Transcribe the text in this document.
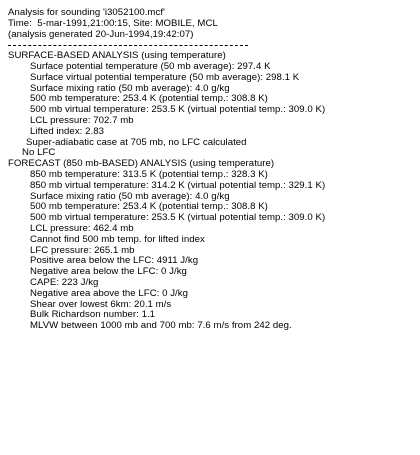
Analysis for sounding 'i3052100.mcf'
Time:  5-mar-1991,21:00:15, Site: MOBILE, MCL
(analysis generated 20-Jun-1994,19:42:07)
SURFACE-BASED ANALYSIS (using temperature)
Surface potential temperature (50 mb average): 297.4 K
Surface virtual potential temperature (50 mb average): 298.1 K
Surface mixing ratio (50 mb average): 4.0 g/kg
500 mb temperature: 253.4 K (potential temp.: 308.8 K)
500 mb virtual temperature: 253.5 K (virtual potential temp.: 309.0 K)
LCL pressure: 702.7 mb
Lifted index: 2.83
Super-adiabatic case at 705 mb, no LFC calculated
No LFC
FORECAST (850 mb-BASED) ANALYSIS (using temperature)
850 mb temperature: 313.5 K (potential temp.: 328.3 K)
850 mb virtual temperature: 314.2 K (virtual potential temp.: 329.1 K)
Surface mixing ratio (50 mb average): 4.0 g/kg
500 mb temperature: 253.4 K (potential temp.: 308.8 K)
500 mb virtual temperature: 253.5 K (virtual potential temp.: 309.0 K)
LCL pressure: 462.4 mb
Cannot find 500 mb temp. for lifted index
LFC pressure: 265.1 mb
Positive area below the LFC: 4911 J/kg
Negative area below the LFC: 0 J/kg
CAPE: 223 J/kg
Negative area above the LFC: 0 J/kg
Shear over lowest 6km: 20.1 m/s
Bulk Richardson number: 1.1
MLVW between 1000 mb and 700 mb: 7.6 m/s from 242 deg.
